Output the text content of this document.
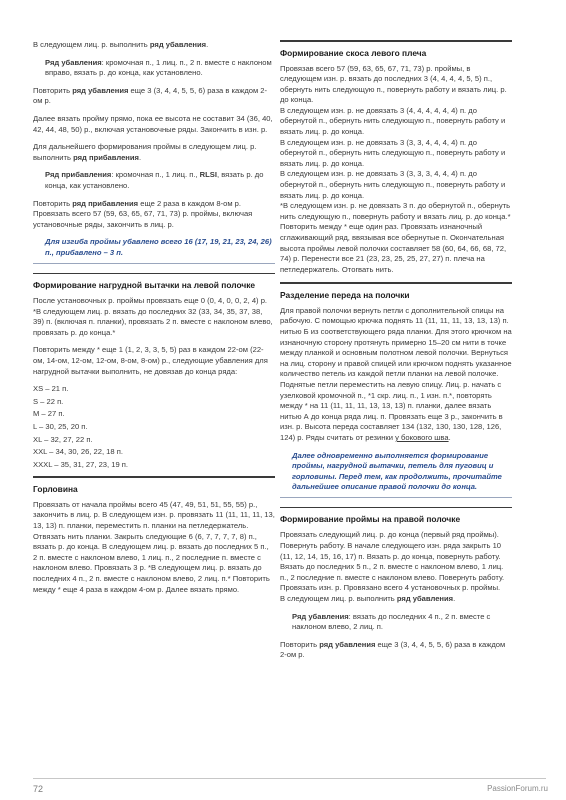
В следующем лиц. р. выполнить ряд убавления.

Ряд убавления: кромочная п., 1 лиц. п., 2 п. вместе с наклоном вправо, вязать р. до конца, как установлено.

Повторить ряд убавления еще 3 (3, 4, 4, 5, 5, 6) раза в каждом 2-ом р.

Далее вязать пройму прямо, пока ее высота не составит 34 (36, 40, 42, 44, 48, 50) р., включая установочные ряды. Закончить в изн. р.

Для дальнейшего формирования проймы в следующем лиц. р. выполнить ряд прибавления.

Ряд прибавления: кромочная п., 1 лиц. п., RLSI, вязать р. до конца, как установлено.

Повторить ряд прибавления еще 2 раза в каждом 8-ом р. Провязать всего 57 (59, 63, 65, 67, 71, 73) р. проймы, включая установочные ряды, закончить в лиц. р.

Для изгиба проймы убавлено всего 16 (17, 19, 21, 23, 24, 26) п., прибавлено – 3 п.

Формирование нагрудной вытачки на левой полочке

После установочных р. проймы провязать еще 0 (0, 4, 0, 0, 2, 4) р. *В следующем лиц. р. вязать до последних 32 (33, 34, 35, 37, 38, 39) п. (включая п. планки), провязать 2 п. вместе с наклоном влево, провязать р. до конца.*

Повторить между * еще 1 (1, 2, 3, 3, 5, 5) раз в каждом 22-ом (22-ом, 14-ом, 12-ом, 12-ом, 8-ом, 8-ом) р., следующие убавления для нагрудной вытачки выполнить, не довязав до конца ряда:

XS – 21 п.

S – 22 п.

M – 27 п.

L – 30, 25, 20 п.

XL – 32, 27, 22 п.

XXL – 34, 30, 26, 22, 18 п.

XXXL – 35, 31, 27, 23, 19 п.

Горловина

Провязать от начала проймы всего 45 (47, 49, 51, 51, 55, 55) р., закончить в лиц. р. В следующем изн. р. провязать 11 (11, 11, 11, 13, 13, 13) п. планки, переместить п. планки на петледержатель. Отвязать нить планки. Закрыть следующие 6 (6, 7, 7, 7, 7, 8) п., вязать р. до конца. В следующем лиц. р. вязать до последних 5 п., 2 п. вместе с наклоном влево, 1 лиц. п., 2 последние п. вместе с наклоном влево. Провязать 3 р. *В следующем лиц. р. вязать до последних 4 п., 2 п. вместе с наклоном влево, 2 лиц. п.* Повторить между * еще 4 раза в каждом 4-ом р. Далее вязать прямо.

Формирование скоса левого плеча

Провязав всего 57 (59, 63, 65, 67, 71, 73) р. проймы, в следующем изн. р. вязать до последних 3 (4, 4, 4, 4, 5, 5) п., обернуть нить следующую п., повернуть работу и вязать лиц. р. до конца.

В следующем изн. р. не довязать 3 (4, 4, 4, 4, 4, 4) п. до обернутой п., обернуть нить следующую п., повернуть работу и вязать лиц. р. до конца.

В следующем изн. р. не довязать 3 (3, 3, 4, 4, 4, 4) п. до обернутой п., обернуть нить следующую п., повернуть работу и вязать лиц. р. до конца.

В следующем изн. р. не довязать 3 (3, 3, 3, 4, 4, 4) п. до обернутой п., обернуть нить следующую п., повернуть работу и вязать лиц. р. до конца.

*В следующем изн. р. не довязать 3 п. до обернутой п., обернуть нить следующую п., повернуть работу и вязать лиц. р. до конца.* Повторить между * еще один раз. Провязать изнаночный сглаживающий ряд, ввязывая все обернутые п. Окончательная высота проймы левой полочки составляет 58 (60, 64, 66, 68, 72, 74) р. Перенести все 21 (23, 23, 25, 25, 27, 27) п. плеча на петледержатель. Отorвать нить.

Разделение переда на полочки

Для правой полочки вернуть петли с дополнительной спицы на рабочую. С помощью крючка поднять 11 (11, 11, 11, 13, 13, 13) п. нитью Б из соответствующего ряда планки. Для этого крючком на изнаночную сторону протянуть примерно 15–20 см нити в точке между планкой и основным полотном левой полочки. Вернуться на лиц. сторону и правой спицей или крючком поднять указанное количество петель из каждой петли планки на левой полочке. Поднятые петли переместить на левую спицу. Лиц. р. начать с узелковой кромочной п., *1 скр. лиц. п., 1 изн. п.*, повторять между * на 11 (11, 11, 11, 13, 13, 13) п. планки, далее вязать нитью А до конца ряда лиц. п. Провязать еще 3 р., закончить в изн. р. Высота переда составляет 134 (132, 130, 130, 128, 126, 124) р. Ряды считать от резинки у бокового шва.

Далее одновременно выполняется формирование проймы, нагрудной вытачки, петель для пуговиц и горловины. Перед тем, как продолжить, прочитайте дальнейшее описание правой полочки до конца.

Формирование проймы на правой полочке

Провязать следующий лиц. р. до конца (первый ряд проймы). Повернуть работу. В начале следующего изн. ряда закрыть 10 (11, 12, 14, 15, 16, 17) п. Вязать р. до конца, повернуть работу. Вязать до последних 5 п., 2 п. вместе с наклоном влево, 1 лиц. п., 2 последние п. вместе с наклоном влево. Повернуть работу. Провязать изн. р. Провязано всего 4 установочных р. проймы.

В следующем лиц. р. выполнить ряд убавления.

Ряд убавления: вязать до последних 4 п., 2 п. вместе с наклоном влево, 2 лиц. п.

Повторить ряд убавления еще 3 (3, 4, 4, 5, 5, 6) раза в каждом 2-ом р.

72	PassionForum.ru
